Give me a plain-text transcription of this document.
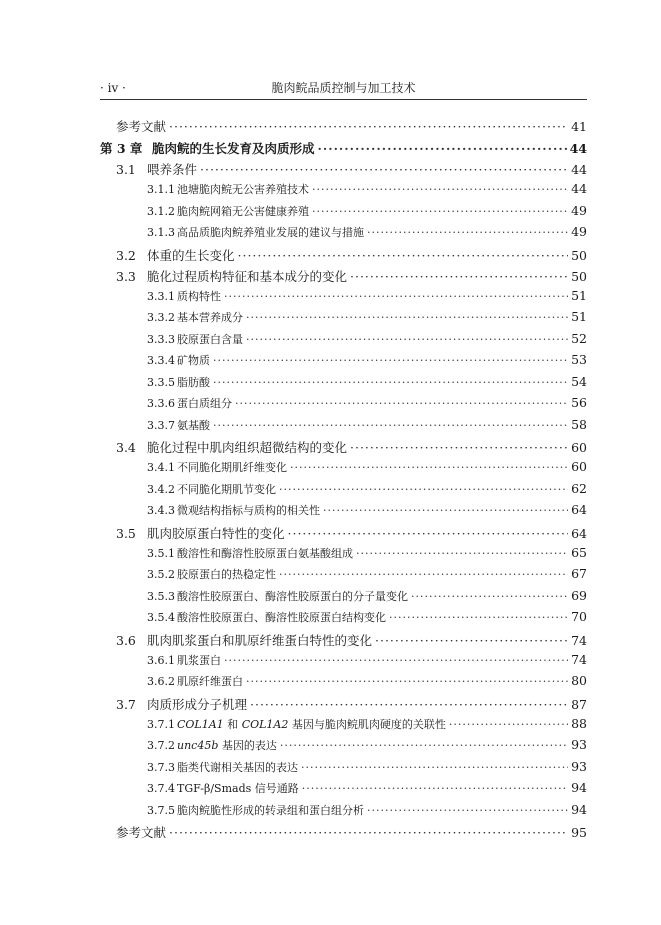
· iv ·	脆肉鲩品质控制与加工技术
参考文献 ·····	41
第 3 章 脆肉鲩的生长发育及肉质形成 ·····	44
3.1 喂养条件 ·····	44
3.1.1 池塘脆肉鲩无公害养殖技术 ·····	44
3.1.2 脆肉鲩网箱无公害健康养殖 ·····	49
3.1.3 高品质脆肉鲩养殖业发展的建议与措施 ·····	49
3.2 体重的生长变化 ·····	50
3.3 脆化过程质构特征和基本成分的变化 ·····	50
3.3.1 质构特性 ·····	51
3.3.2 基本营养成分 ·····	51
3.3.3 胶原蛋白含量 ·····	52
3.3.4 矿物质 ·····	53
3.3.5 脂肪酸 ·····	54
3.3.6 蛋白质组分 ·····	56
3.3.7 氨基酸 ·····	58
3.4 脆化过程中肌肉组织超微结构的变化 ·····	60
3.4.1 不同脆化期肌纤维变化 ·····	60
3.4.2 不同脆化期肌节变化 ·····	62
3.4.3 微观结构指标与质构的相关性 ·····	64
3.5 肌肉胶原蛋白特性的变化 ·····	64
3.5.1 酸溶性和酶溶性胶原蛋白氨基酸组成 ·····	65
3.5.2 胶原蛋白的热稳定性 ·····	67
3.5.3 酸溶性胶原蛋白、酶溶性胶原蛋白的分子量变化 ·····	69
3.5.4 酸溶性胶原蛋白、酶溶性胶原蛋白结构变化 ·····	70
3.6 肌肉肌浆蛋白和肌原纤维蛋白特性的变化 ·····	74
3.6.1 肌浆蛋白 ·····	74
3.6.2 肌原纤维蛋白 ·····	80
3.7 肉质形成分子机理 ·····	87
3.7.1 COL1A1 和 COL1A2 基因与脆肉鲩肌肉硬度的关联性 ·····	88
3.7.2 unc45b 基因的表达 ·····	93
3.7.3 脂类代谢相关基因的表达 ·····	93
3.7.4 TGF-β/Smads 信号通路 ·····	94
3.7.5 脆肉鲩脆性形成的转录组和蛋白组分析 ·····	94
参考文献 ·····	95
